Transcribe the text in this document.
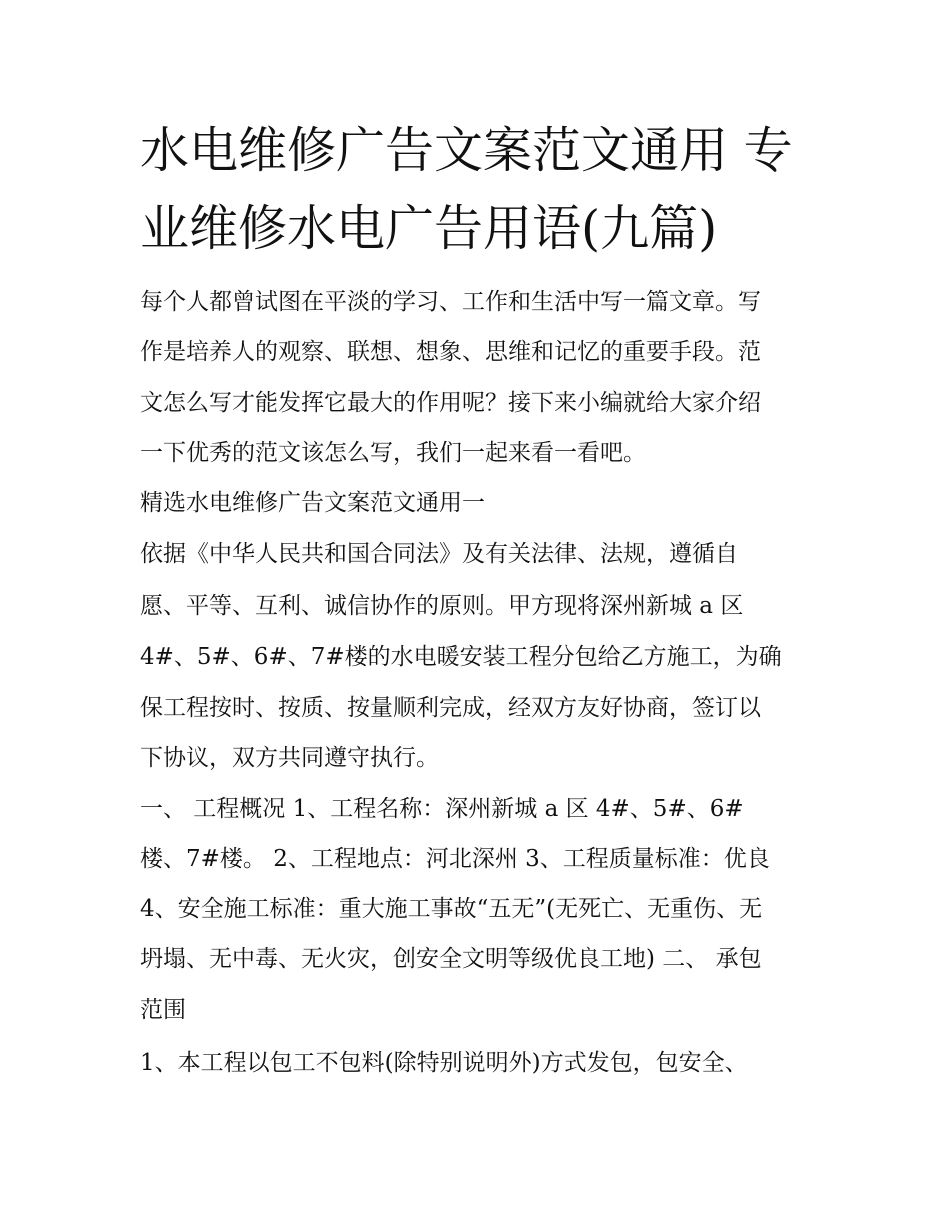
水电维修广告文案范文通用 专
业维修水电广告用语(九篇)
每个人都曾试图在平淡的学习、工作和生活中写一篇文章。写
作是培养人的观察、联想、想象、思维和记忆的重要手段。范
文怎么写才能发挥它最大的作用呢？接下来小编就给大家介绍
一下优秀的范文该怎么写，我们一起来看一看吧。
精选水电维修广告文案范文通用一
依据《中华人民共和国合同法》及有关法律、法规，遵循自
愿、平等、互利、诚信协作的原则。甲方现将深州新城 a 区
4#、5#、6#、7#楼的水电暖安装工程分包给乙方施工，为确
保工程按时、按质、按量顺利完成，经双方友好协商，签订以
下协议，双方共同遵守执行。
一、 工程概况 1、工程名称：深州新城 a 区 4#、5#、6#
楼、7#楼。 2、工程地点：河北深州 3、工程质量标准：优良
4、安全施工标准：重大施工事故“五无”(无死亡、无重伤、无
坍塌、无中毒、无火灾，创安全文明等级优良工地) 二、 承包
范围
1、本工程以包工不包料(除特别说明外)方式发包，包安全、
